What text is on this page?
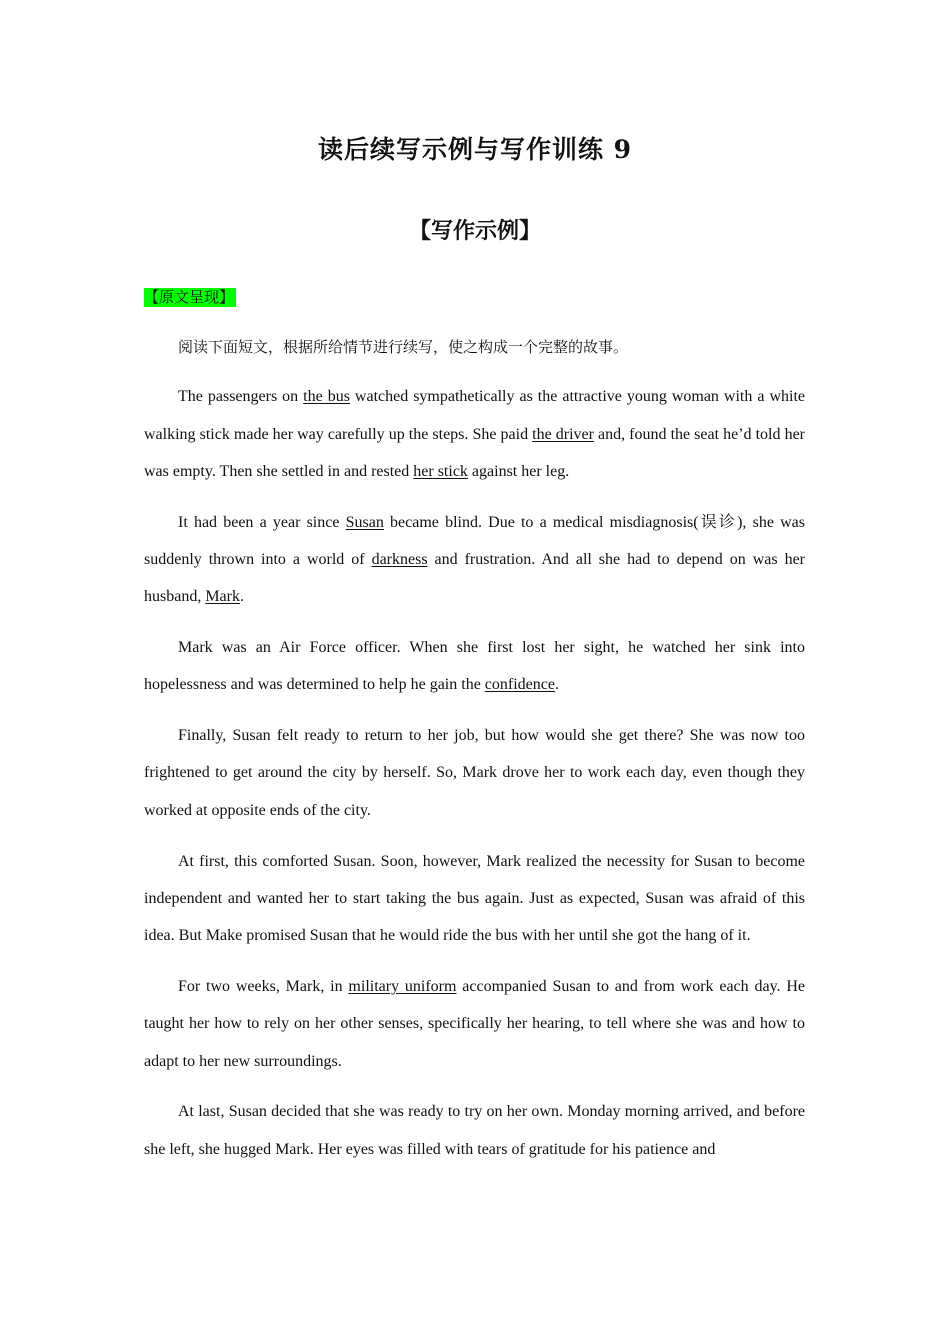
读后续写示例与写作训练 9
【写作示例】
【原文呈现】

阅读下面短文，根据所给情节进行续写，使之构成一个完整的故事。

The passengers on the bus watched sympathetically as the attractive young woman with a white walking stick made her way carefully up the steps. She paid the driver and, found the seat he’d told her was empty. Then she settled in and rested her stick against her leg.

It had been a year since Susan became blind. Due to a medical misdiagnosis(误诊), she was suddenly thrown into a world of darkness and frustration. And all she had to depend on was her husband, Mark.

Mark was an Air Force officer. When she first lost her sight, he watched her sink into hopelessness and was determined to help he gain the confidence.

Finally, Susan felt ready to return to her job, but how would she get there? She was now too frightened to get around the city by herself. So, Mark drove her to work each day, even though they worked at opposite ends of the city.

At first, this comforted Susan. Soon, however, Mark realized the necessity for Susan to become independent and wanted her to start taking the bus again. Just as expected, Susan was afraid of this idea. But Make promised Susan that he would ride the bus with her until she got the hang of it.

For two weeks, Mark, in military uniform accompanied Susan to and from work each day. He taught her how to rely on her other senses, specifically her hearing, to tell where she was and how to adapt to her new surroundings.

At last, Susan decided that she was ready to try on her own. Monday morning arrived, and before she left, she hugged Mark. Her eyes was filled with tears of gratitude for his patience and
